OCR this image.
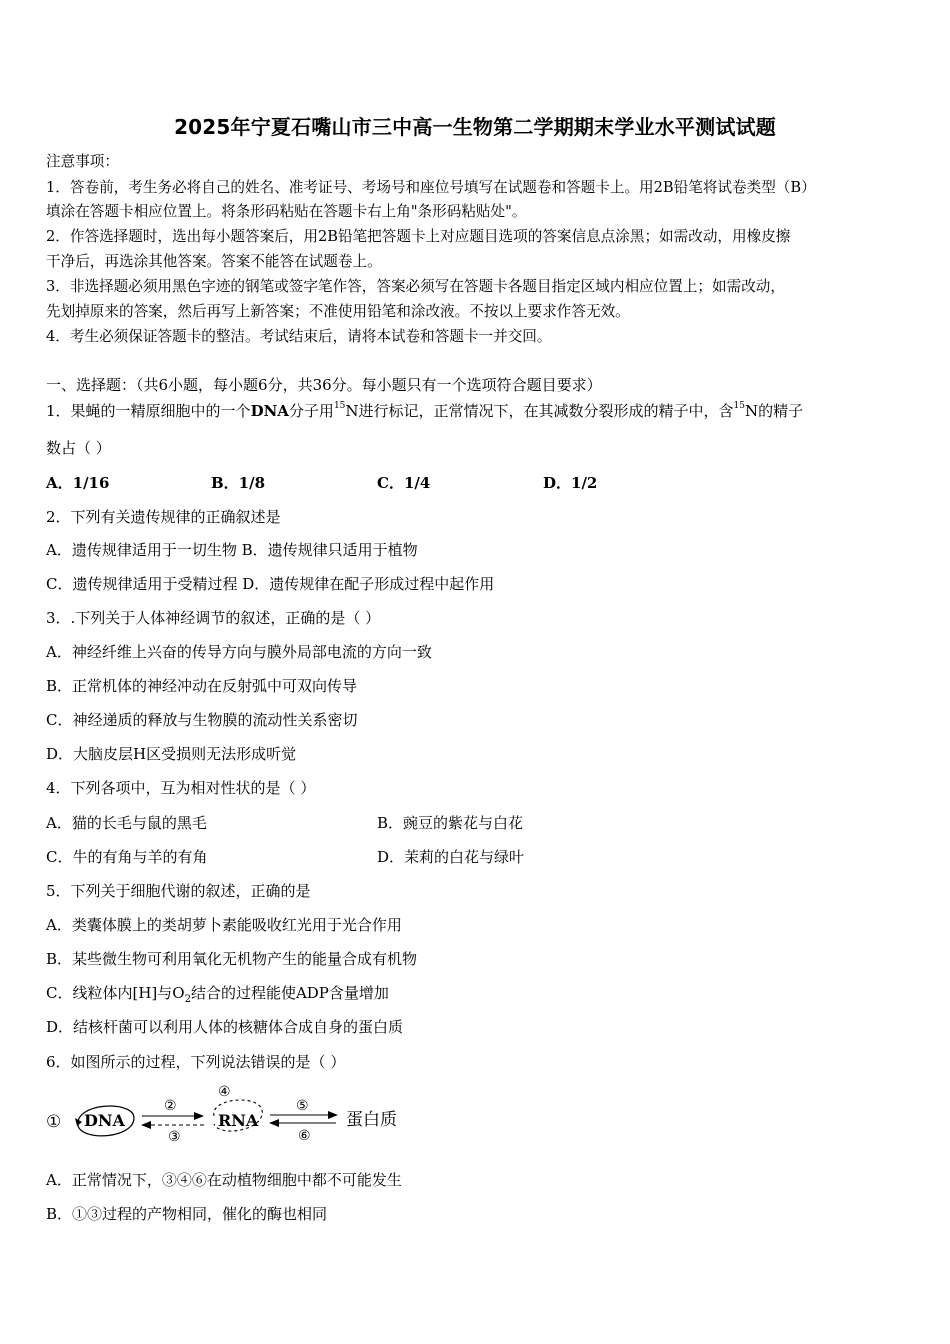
2025年宁夏石嘴山市三中高一生物第二学期期末学业水平测试试题
注意事项：
1．答卷前，考生务必将自己的姓名、准考证号、考场号和座位号填写在试题卷和答题卡上。用2B铅笔将试卷类型（B）
填涂在答题卡相应位置上。将条形码粘贴在答题卡右上角"条形码粘贴处"。
2．作答选择题时，选出每小题答案后，用2B铅笔把答题卡上对应题目选项的答案信息点涂黑；如需改动，用橡皮擦
干净后，再选涂其他答案。答案不能答在试题卷上。
3．非选择题必须用黑色字迹的钢笔或签字笔作答，答案必须写在答题卡各题目指定区域内相应位置上；如需改动，
先划掉原来的答案，然后再写上新答案；不准使用铅笔和涂改液。不按以上要求作答无效。
4．考生必须保证答题卡的整洁。考试结束后，请将本试卷和答题卡一并交回。
一、选择题：（共6小题，每小题6分，共36分。每小题只有一个选项符合题目要求）
1．果蝇的一精原细胞中的一个DNA分子用$^{15}$N进行标记，正常情况下，在其减数分裂形成的精子中，含$^{15}$N的精子
数占（ ）
A．1/16	B．1/8	C．1/4	D．1/2
2．下列有关遗传规律的正确叙述是
A．遗传规律适用于一切生物 B．遗传规律只适用于植物
C．遗传规律适用于受精过程 D．遗传规律在配子形成过程中起作用
3．.下列关于人体神经调节的叙述，正确的是（ ）
A．神经纤维上兴奋的传导方向与膜外局部电流的方向一致
B．正常机体的神经冲动在反射弧中可双向传导
C．神经递质的释放与生物膜的流动性关系密切
D．大脑皮层H区受损则无法形成听觉
4．下列各项中，互为相对性状的是（ ）
A．猫的长毛与鼠的黑毛	B．豌豆的紫花与白花
C．牛的有角与羊的有角	D．茉莉的白花与绿叶
5．下列关于细胞代谢的叙述，正确的是
A．类囊体膜上的类胡萝卜素能吸收红光用于光合作用
B．某些微生物可利用氧化无机物产生的能量合成有机物
C．线粒体内[H]与$O_2$结合的过程能使ADP含量增加
D．结核杆菌可以利用人体的核糖体合成自身的蛋白质
6．如图所示的过程，下列说法错误的是（ ）
① DNA
②
③
④
RNA
⑤
⑥
蛋白质
A．正常情况下，③④⑥在动植物细胞中都不可能发生
B．①③过程的产物相同，催化的酶也相同
